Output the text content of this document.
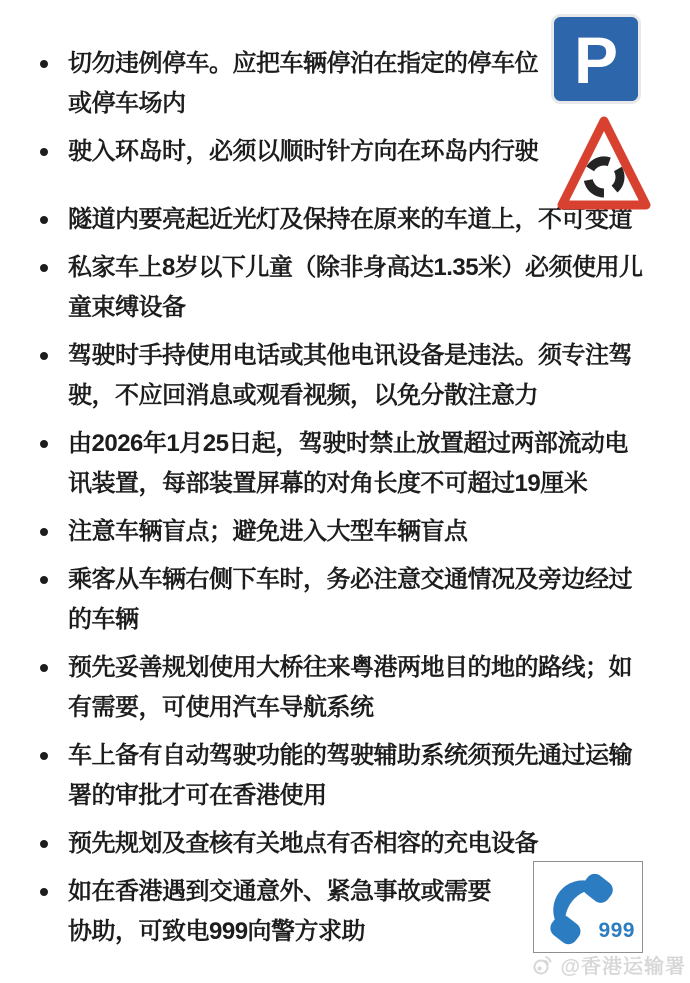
切勿违例停车。应把车辆停泊在指定的停车位或停车场内
驶入环岛时，必须以顺时针方向在环岛内行驶
隧道内要亮起近光灯及保持在原来的车道上，不可变道
私家车上8岁以下儿童（除非身高达1.35米）必须使用儿童束缚设备
驾驶时手持使用电话或其他电讯设备是违法。须专注驾驶，不应回消息或观看视频，以免分散注意力
由2026年1月25日起，驾驶时禁止放置超过两部流动电讯装置，每部装置屏幕的对角长度不可超过19厘米
注意车辆盲点；避免进入大型车辆盲点
乘客从车辆右侧下车时，务必注意交通情况及旁边经过的车辆
预先妥善规划使用大桥往来粤港两地目的地的路线；如有需要，可使用汽车导航系统
车上备有自动驾驶功能的驾驶辅助系统须预先通过运输署的审批才可在香港使用
预先规划及查核有关地点有否相容的充电设备
如在香港遇到交通意外、紧急事故或需要协助，可致电999向警方求助
P
999
@香港运输署
